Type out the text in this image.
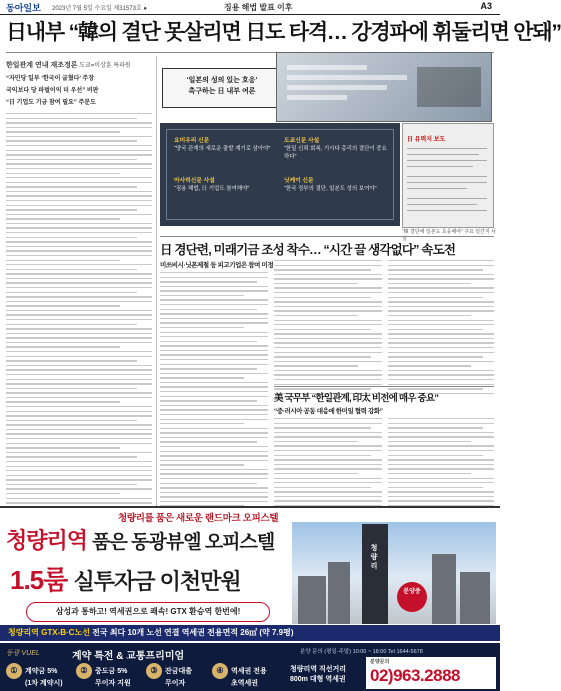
동아일보 2023년 7월 5일 수요일 제31573호 ●	징용 해법 발표 이후	A3
日내부 “韓의 결단 못살리면 日도 타격… 강경파에 휘둘리면 안돼”
한일관계 연내 재조정론 도쿄=이상훈 특파원
“자민당 일부 ‘한국이 굽혔다’ 주장
국익보다 당 파벌이익 더 우선” 비판
“日 기업도 기금 참여 필요” 주문도
‘일본의 성의 있는 호응’
촉구하는 日 내부 여론
요미우리 신문
“양국 관계의 새로운 출발 계기로 삼아야”
도쿄신문 사설
“한일 신뢰 회복, 기시다 총리의 결단이 중요하다”
아사히신문 사설
“징용 해법, 日 기업도 참여해야”
닛케이 신문
“한국 정부의 결단, 일본도 성의 보여야”
日 유력지 보도
“韓 결단에 일본도 호응해야” 주요 일간지 사설
日 경단련, 미래기금 조성 착수… “시간 끌 생각없다” 속도전
미쓰비시·닛폰제철 등 피고기업은 참여 미정
美 국무부 “한일관계, 印太 비전에 매우 중요”
“중·러시아 공동 대응에 한미일 협력 강화”
청량리를 품은 새로운 랜드마크 오피스텔
청량리역 품은 동광뷰엘 오피스텔
1.5룸 실투자금 이천만원
삼성과 통하고! 역세권으로 쾌속! GTX 환승역 한번에!
청량리
분양중
청량리역 GTX-B·C노선 전국 최다 10개 노선 연결 역세권 전용면적 26㎡ (약 7.9평)
동광 VUEL	계약 특전 & 교통프리미엄	분양 문의 (평일·주말) 10:00 ~ 18:00 Tel 1644-5678
① 계약금 5%
(1차 계약시)
② 중도금 5%
무이자 지원
③ 잔금대출
무이자
④ 역세권 전용
초역세권
청량리역 직선거리
800m 대형 역세권
분양문의
02)963.2888
